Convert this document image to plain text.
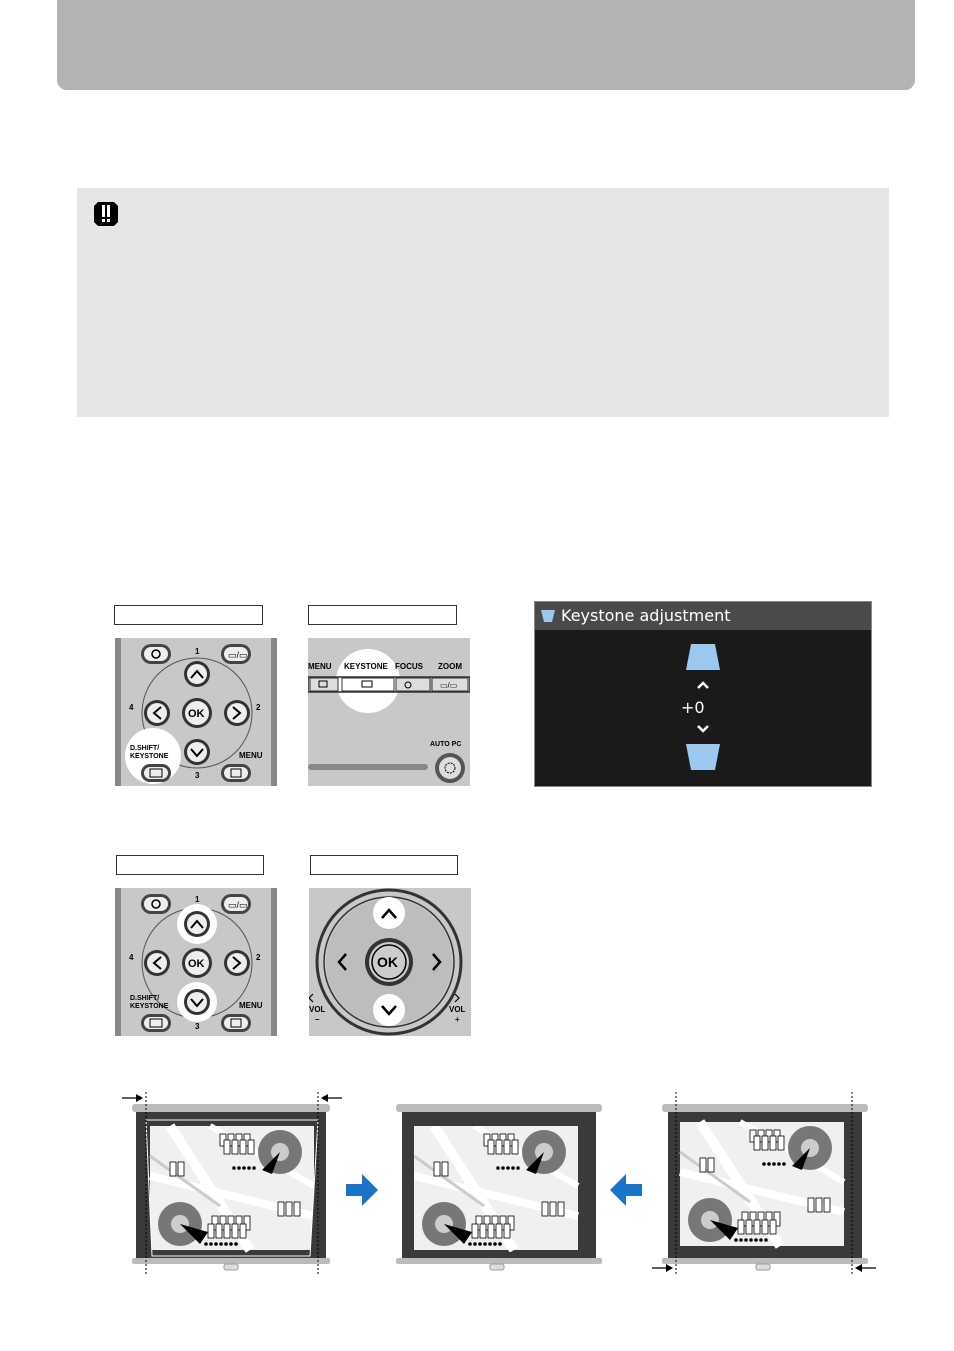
▭/▭
1
OK
4	2
3
D.SHIFT/
KEYSTONE	MENU
MENU KEYSTONE FOCUS ZOOM
▭/▭
AUTO PC
Keystone adjustment
+0
▭/▭
1
OK
4	2
3
D.SHIFT/
KEYSTONE	MENU
OK
VOL
–
VOL
+
